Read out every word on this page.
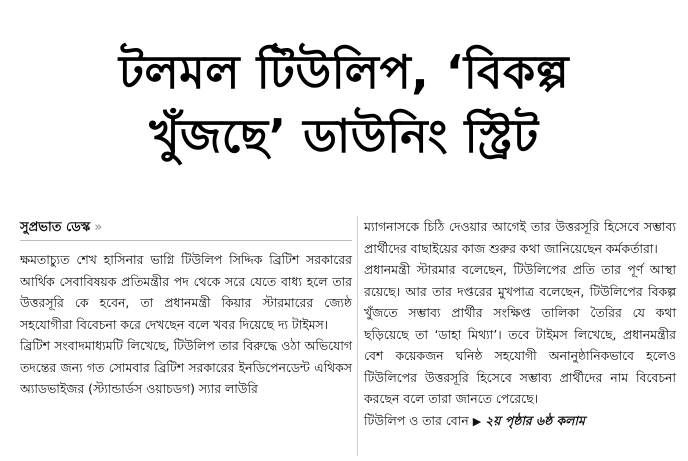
টলমল টিউলিপ, ‘বিকল্প
খুঁজছে’ ডাউনিং স্ট্রিট
সুপ্রভাত ডেস্ক »

ক্ষমতাচ্যুত শেখ হাসিনার ভাগ্নি টিউলিপ সিদ্দিক ব্রিটিশ সরকারের আর্থিক সেবাবিষয়ক প্রতিমন্ত্রীর পদ থেকে সরে যেতে বাধ্য হলে তার উত্তরসূরি কে হবেন, তা প্রধানমন্ত্রী কিয়ার স্টারমারের জ্যেষ্ঠ সহযোগীরা বিবেচনা করে দেখছেন বলে খবর দিয়েছে দ্য টাইমস।

ব্রিটিশ সংবাদমাধ্যমটি লিখেছে, টিউলিপ তার বিরুদ্ধে ওঠা অভিযোগ তদন্তের জন্য গত সোমবার ব্রিটিশ সরকারের ইনডিপেনডেন্ট এথিকস অ্যাডভাইজর (স্ট্যান্ডার্ডস ওয়াচডগ) স্যার লাউরি

ম্যাগনাসকে চিঠি দেওয়ার আগেই তার উত্তরসূরি হিসেবে সম্ভাব্য প্রার্থীদের বাছাইয়ের কাজ শুরুর কথা জানিয়েছেন কর্মকর্তারা।

প্রধানমন্ত্রী স্টারমার বলেছেন, টিউলিপের প্রতি তার পূর্ণ আস্থা রয়েছে। আর তার দপ্তরের মুখপাত্র বলেছেন, টিউলিপের বিকল্প খুঁজতে সম্ভাব্য প্রার্থীর সংক্ষিপ্ত তালিকা তৈরির যে কথা ছড়িয়েছে তা ‘ডাহা মিথ্যা’। তবে টাইমস লিখেছে, প্রধানমন্ত্রীর বেশ কয়েকজন ঘনিষ্ঠ সহযোগী অনানুষ্ঠানিকভাবে হলেও টিউলিপের উত্তরসূরি হিসেবে সম্ভাব্য প্রার্থীদের নাম বিবেচনা করছেন বলে তারা জানতে পেরেছে।

টিউলিপ ও তার বোন ▶ ২য় পৃষ্ঠার ৬ষ্ঠ কলাম
